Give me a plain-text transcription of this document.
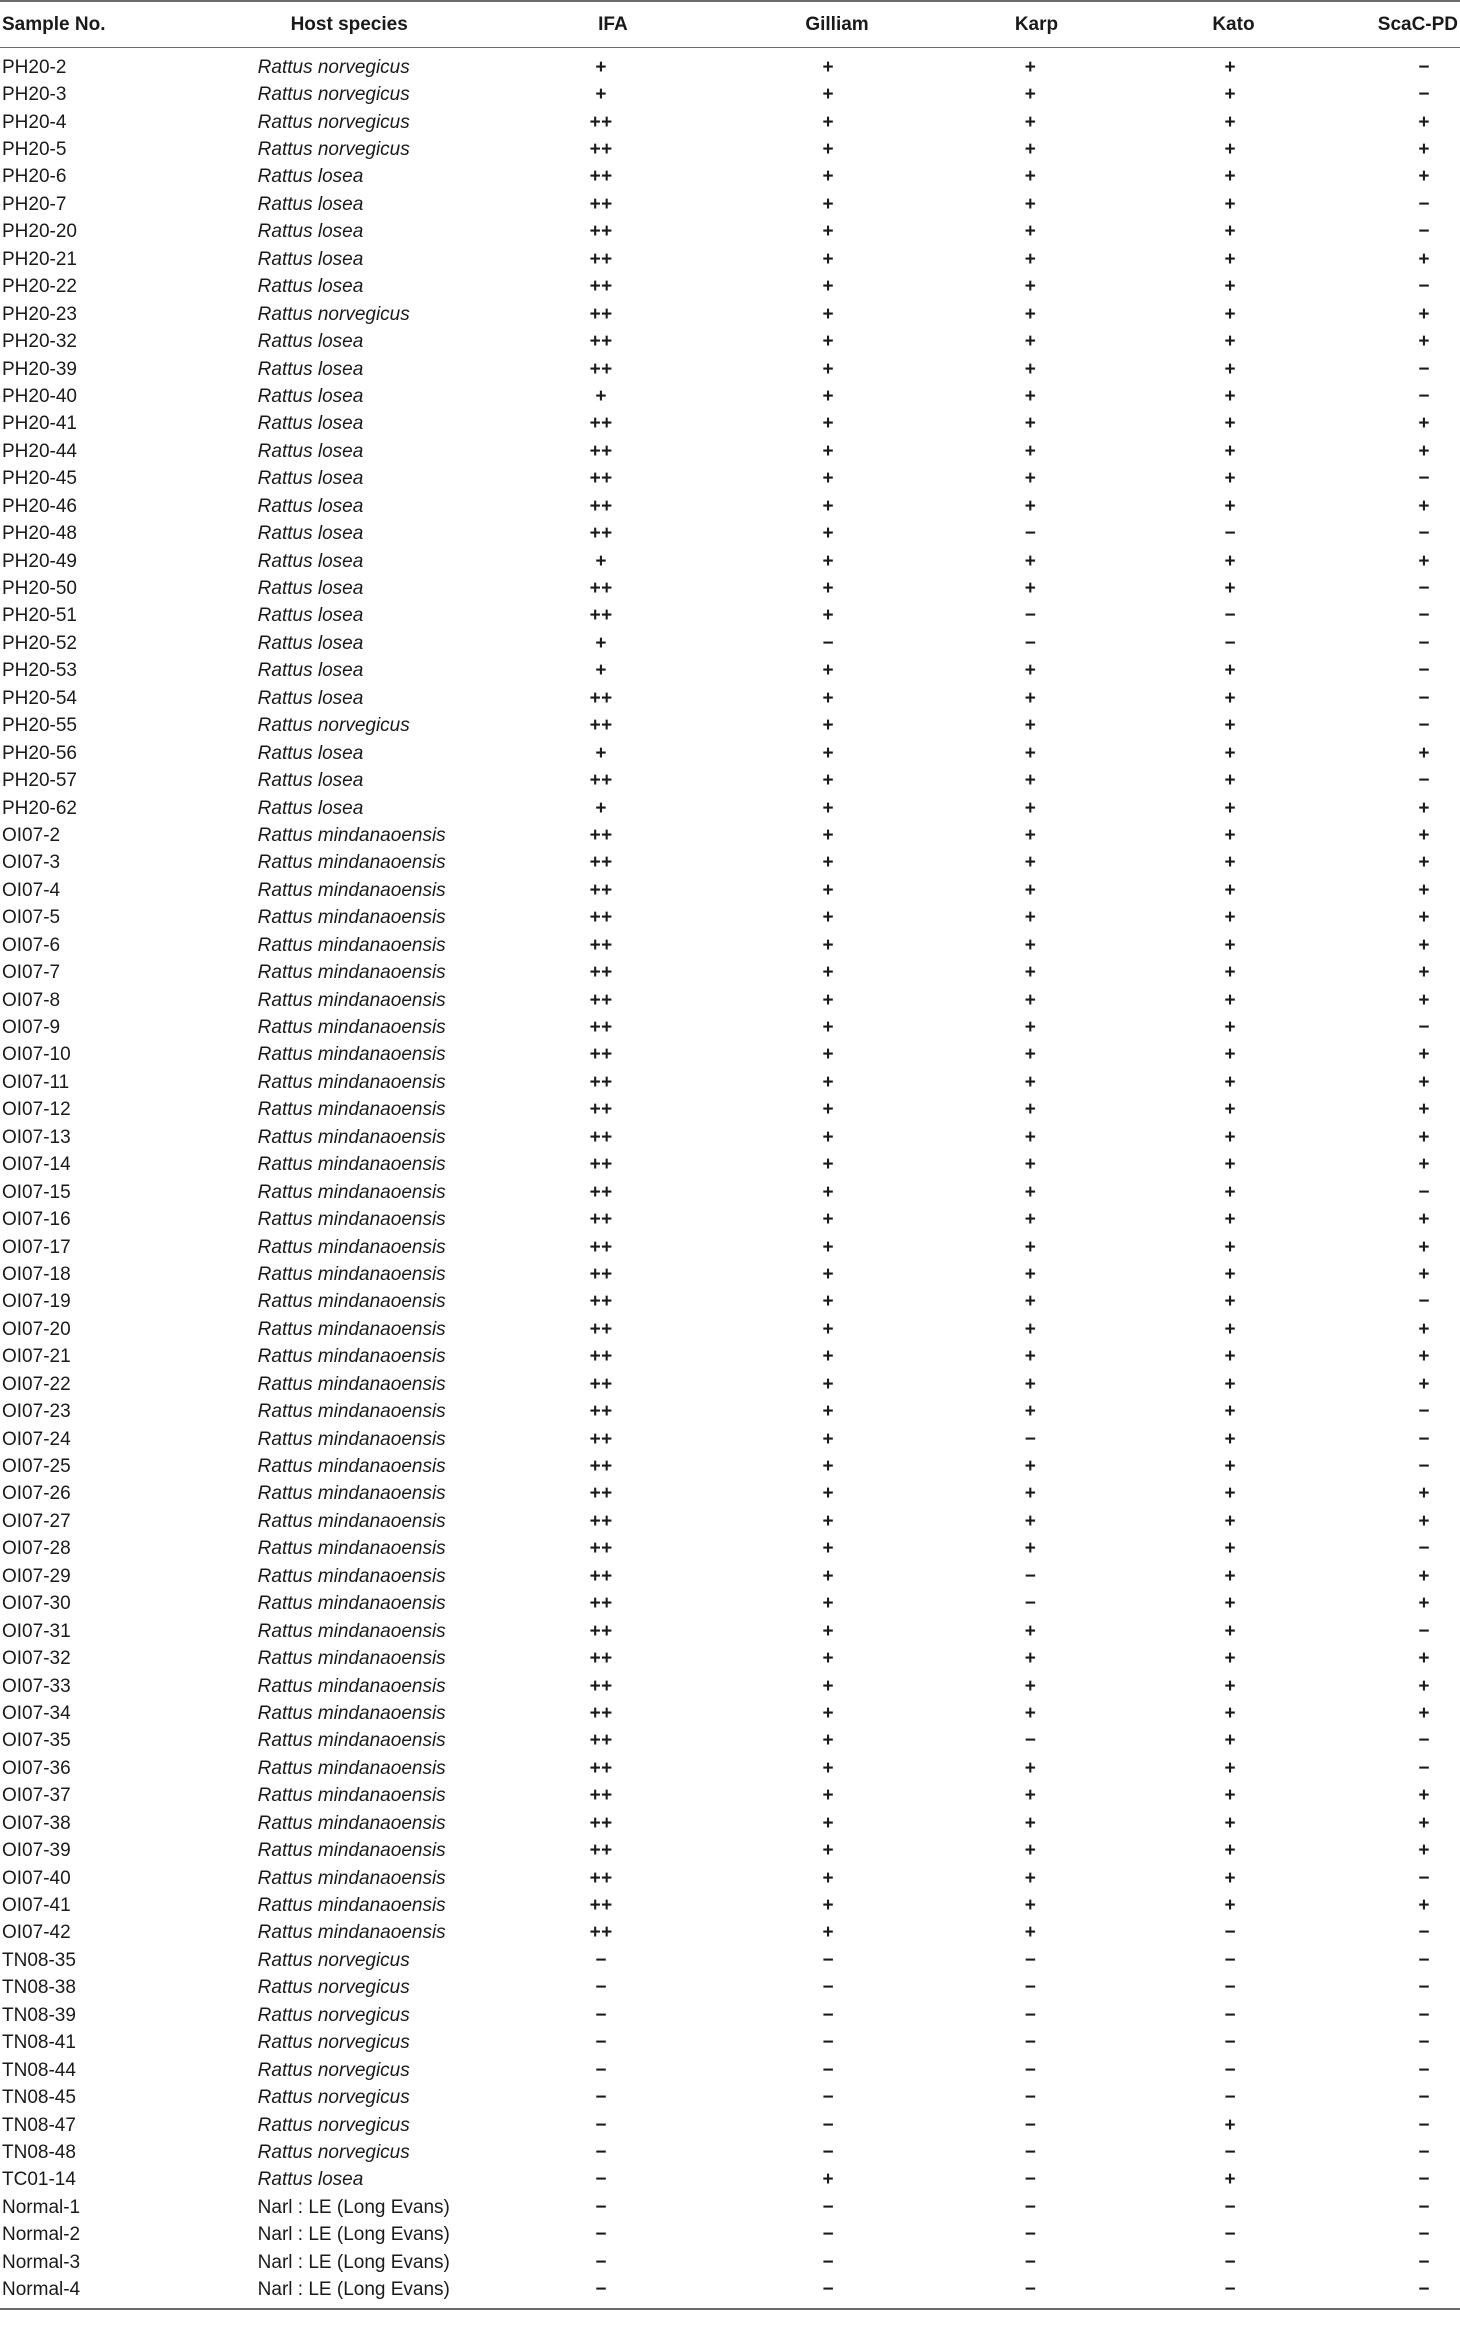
Sample No.	Host species	IFA	Gilliam	Karp	Kato	ScaC-PD
PH20-2	Rattus norvegicus	+	+	+	+	−
PH20-3	Rattus norvegicus	+	+	+	+	−
PH20-4	Rattus norvegicus	++	+	+	+	+
PH20-5	Rattus norvegicus	++	+	+	+	+
PH20-6	Rattus losea	++	+	+	+	+
PH20-7	Rattus losea	++	+	+	+	−
PH20-20	Rattus losea	++	+	+	+	−
PH20-21	Rattus losea	++	+	+	+	+
PH20-22	Rattus losea	++	+	+	+	−
PH20-23	Rattus norvegicus	++	+	+	+	+
PH20-32	Rattus losea	++	+	+	+	+
PH20-39	Rattus losea	++	+	+	+	−
PH20-40	Rattus losea	+	+	+	+	−
PH20-41	Rattus losea	++	+	+	+	+
PH20-44	Rattus losea	++	+	+	+	+
PH20-45	Rattus losea	++	+	+	+	−
PH20-46	Rattus losea	++	+	+	+	+
PH20-48	Rattus losea	++	+	−	−	−
PH20-49	Rattus losea	+	+	+	+	+
PH20-50	Rattus losea	++	+	+	+	−
PH20-51	Rattus losea	++	+	−	−	−
PH20-52	Rattus losea	+	−	−	−	−
PH20-53	Rattus losea	+	+	+	+	−
PH20-54	Rattus losea	++	+	+	+	−
PH20-55	Rattus norvegicus	++	+	+	+	−
PH20-56	Rattus losea	+	+	+	+	+
PH20-57	Rattus losea	++	+	+	+	−
PH20-62	Rattus losea	+	+	+	+	+
OI07-2	Rattus mindanaoensis	++	+	+	+	+
OI07-3	Rattus mindanaoensis	++	+	+	+	+
OI07-4	Rattus mindanaoensis	++	+	+	+	+
OI07-5	Rattus mindanaoensis	++	+	+	+	+
OI07-6	Rattus mindanaoensis	++	+	+	+	+
OI07-7	Rattus mindanaoensis	++	+	+	+	+
OI07-8	Rattus mindanaoensis	++	+	+	+	+
OI07-9	Rattus mindanaoensis	++	+	+	+	−
OI07-10	Rattus mindanaoensis	++	+	+	+	+
OI07-11	Rattus mindanaoensis	++	+	+	+	+
OI07-12	Rattus mindanaoensis	++	+	+	+	+
OI07-13	Rattus mindanaoensis	++	+	+	+	+
OI07-14	Rattus mindanaoensis	++	+	+	+	+
OI07-15	Rattus mindanaoensis	++	+	+	+	−
OI07-16	Rattus mindanaoensis	++	+	+	+	+
OI07-17	Rattus mindanaoensis	++	+	+	+	+
OI07-18	Rattus mindanaoensis	++	+	+	+	+
OI07-19	Rattus mindanaoensis	++	+	+	+	−
OI07-20	Rattus mindanaoensis	++	+	+	+	+
OI07-21	Rattus mindanaoensis	++	+	+	+	+
OI07-22	Rattus mindanaoensis	++	+	+	+	+
OI07-23	Rattus mindanaoensis	++	+	+	+	−
OI07-24	Rattus mindanaoensis	++	+	−	+	−
OI07-25	Rattus mindanaoensis	++	+	+	+	−
OI07-26	Rattus mindanaoensis	++	+	+	+	+
OI07-27	Rattus mindanaoensis	++	+	+	+	+
OI07-28	Rattus mindanaoensis	++	+	+	+	−
OI07-29	Rattus mindanaoensis	++	+	−	+	+
OI07-30	Rattus mindanaoensis	++	+	−	+	+
OI07-31	Rattus mindanaoensis	++	+	+	+	−
OI07-32	Rattus mindanaoensis	++	+	+	+	+
OI07-33	Rattus mindanaoensis	++	+	+	+	+
OI07-34	Rattus mindanaoensis	++	+	+	+	+
OI07-35	Rattus mindanaoensis	++	+	−	+	−
OI07-36	Rattus mindanaoensis	++	+	+	+	−
OI07-37	Rattus mindanaoensis	++	+	+	+	+
OI07-38	Rattus mindanaoensis	++	+	+	+	+
OI07-39	Rattus mindanaoensis	++	+	+	+	+
OI07-40	Rattus mindanaoensis	++	+	+	+	−
OI07-41	Rattus mindanaoensis	++	+	+	+	+
OI07-42	Rattus mindanaoensis	++	+	+	−	−
TN08-35	Rattus norvegicus	−	−	−	−	−
TN08-38	Rattus norvegicus	−	−	−	−	−
TN08-39	Rattus norvegicus	−	−	−	−	−
TN08-41	Rattus norvegicus	−	−	−	−	−
TN08-44	Rattus norvegicus	−	−	−	−	−
TN08-45	Rattus norvegicus	−	−	−	−	−
TN08-47	Rattus norvegicus	−	−	−	+	−
TN08-48	Rattus norvegicus	−	−	−	−	−
TC01-14	Rattus losea	−	+	−	+	−
Normal-1	Narl : LE (Long Evans)	−	−	−	−	−
Normal-2	Narl : LE (Long Evans)	−	−	−	−	−
Normal-3	Narl : LE (Long Evans)	−	−	−	−	−
Normal-4	Narl : LE (Long Evans)	−	−	−	−	−
